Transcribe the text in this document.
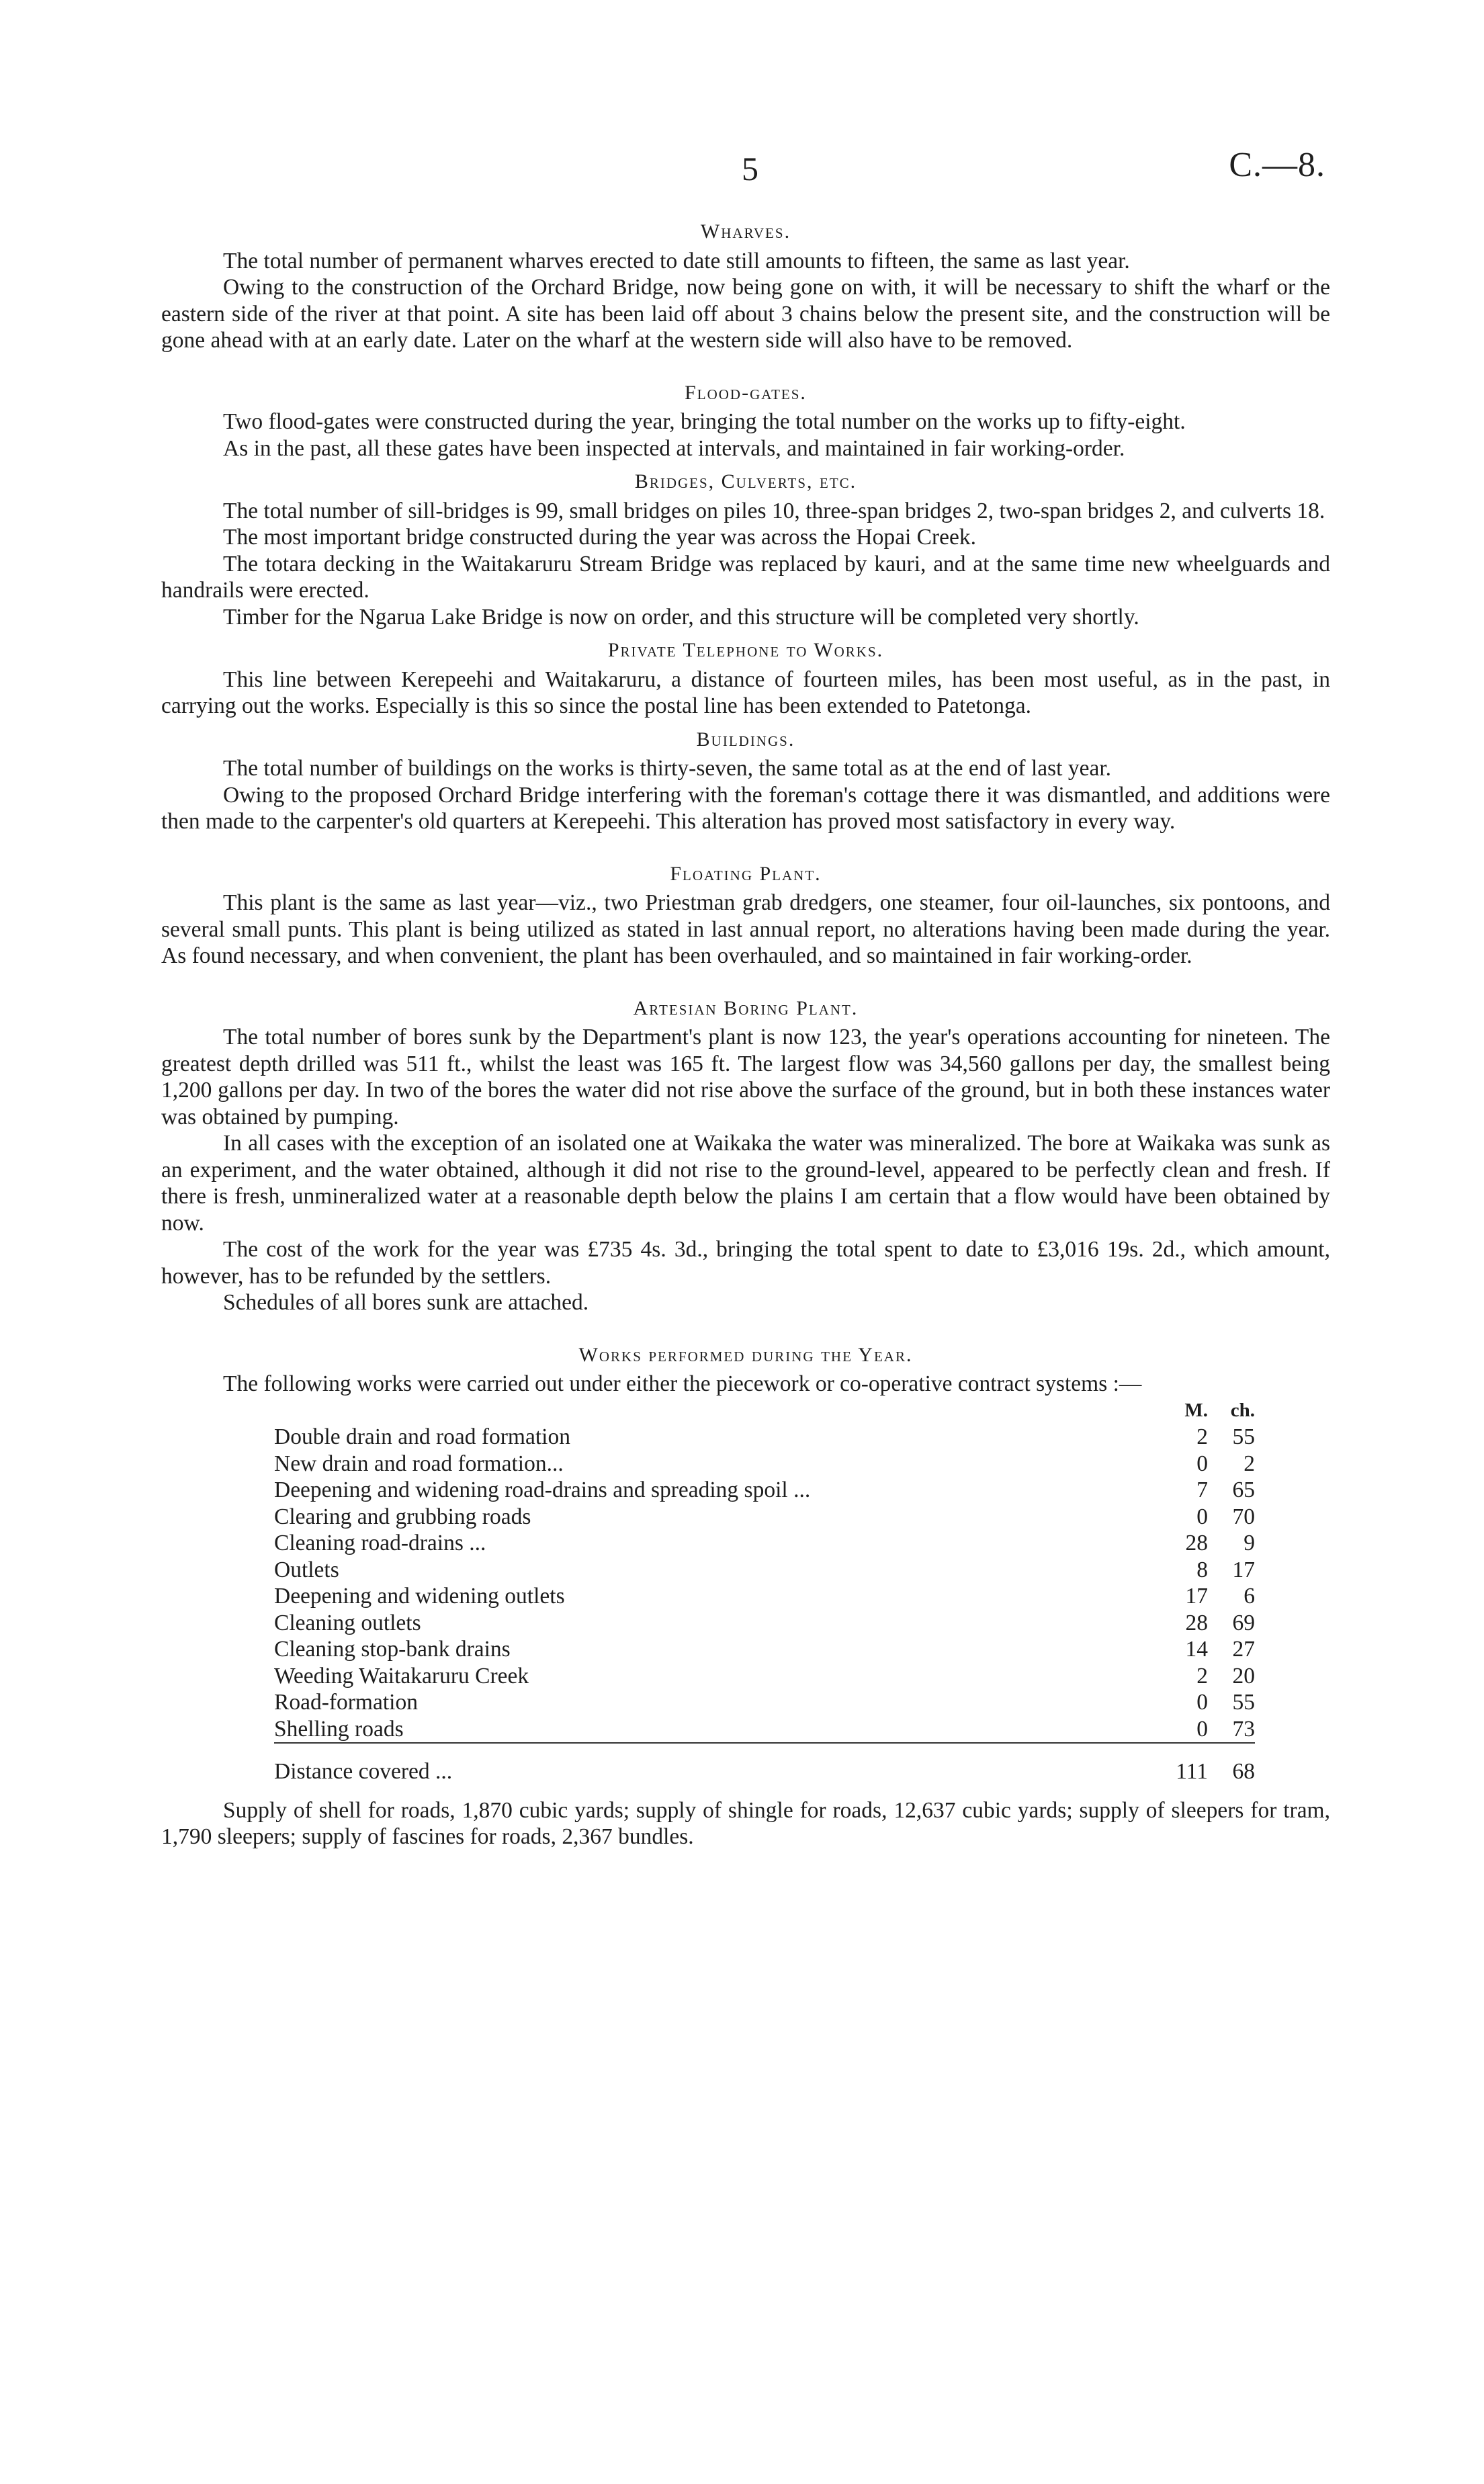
5	C.—8.
Wharves.

The total number of permanent wharves erected to date still amounts to fifteen, the same as last year.

Owing to the construction of the Orchard Bridge, now being gone on with, it will be necessary to shift the wharf or the eastern side of the river at that point. A site has been laid off about 3 chains below the present site, and the construction will be gone ahead with at an early date. Later on the wharf at the western side will also have to be removed.

Flood-gates.

Two flood-gates were constructed during the year, bringing the total number on the works up to fifty-eight.

As in the past, all these gates have been inspected at intervals, and maintained in fair working-order.

Bridges, Culverts, etc.

The total number of sill-bridges is 99, small bridges on piles 10, three-span bridges 2, two-span bridges 2, and culverts 18.

The most important bridge constructed during the year was across the Hopai Creek.

The totara decking in the Waitakaruru Stream Bridge was replaced by kauri, and at the same time new wheelguards and handrails were erected.

Timber for the Ngarua Lake Bridge is now on order, and this structure will be completed very shortly.

Private Telephone to Works.

This line between Kerepeehi and Waitakaruru, a distance of fourteen miles, has been most useful, as in the past, in carrying out the works. Especially is this so since the postal line has been extended to Patetonga.

Buildings.

The total number of buildings on the works is thirty-seven, the same total as at the end of last year.

Owing to the proposed Orchard Bridge interfering with the foreman's cottage there it was dismantled, and additions were then made to the carpenter's old quarters at Kerepeehi. This alteration has proved most satisfactory in every way.

Floating Plant.

This plant is the same as last year—viz., two Priestman grab dredgers, one steamer, four oil-launches, six pontoons, and several small punts. This plant is being utilized as stated in last annual report, no alterations having been made during the year. As found necessary, and when convenient, the plant has been overhauled, and so maintained in fair working-order.

Artesian Boring Plant.

The total number of bores sunk by the Department's plant is now 123, the year's operations accounting for nineteen. The greatest depth drilled was 511 ft., whilst the least was 165 ft. The largest flow was 34,560 gallons per day, the smallest being 1,200 gallons per day. In two of the bores the water did not rise above the surface of the ground, but in both these instances water was obtained by pumping.

In all cases with the exception of an isolated one at Waikaka the water was mineralized. The bore at Waikaka was sunk as an experiment, and the water obtained, although it did not rise to the ground-level, appeared to be perfectly clean and fresh. If there is fresh, unmineralized water at a reasonable depth below the plains I am certain that a flow would have been obtained by now.

The cost of the work for the year was £735 4s. 3d., bringing the total spent to date to £3,016 19s. 2d., which amount, however, has to be refunded by the settlers.

Schedules of all bores sunk are attached.

Works performed during the Year.

The following works were carried out under either the piecework or co-operative contract systems :—

	M.	ch.
Double drain and road formation	2	55
New drain and road formation...	0	2
Deepening and widening road-drains and spreading spoil ...	7	65
Clearing and grubbing roads	0	70
Cleaning road-drains ...	28	9
Outlets	8	17
Deepening and widening outlets	17	6
Cleaning outlets	28	69
Cleaning stop-bank drains	14	27
Weeding Waitakaruru Creek	2	20
Road-formation	0	55
Shelling roads	0	73
Distance covered ...	111	68

Supply of shell for roads, 1,870 cubic yards; supply of shingle for roads, 12,637 cubic yards; supply of sleepers for tram, 1,790 sleepers; supply of fascines for roads, 2,367 bundles.
